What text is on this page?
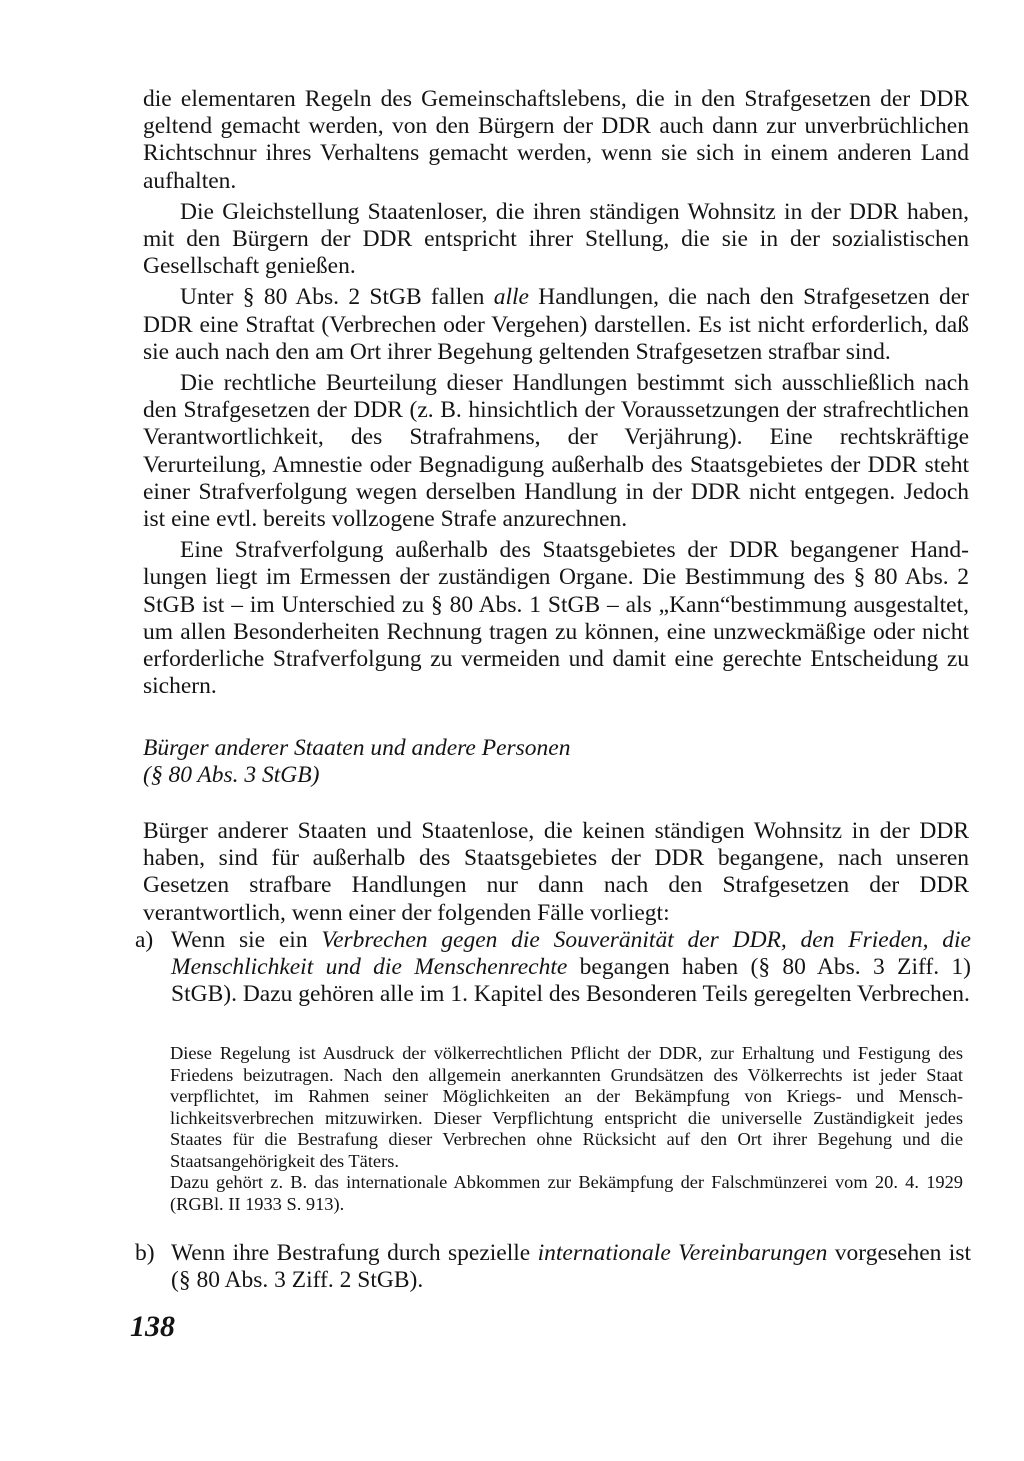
die elementaren Regeln des Gemeinschaftslebens, die in den Strafgesetzen der DDR geltend gemacht werden, von den Bürgern der DDR auch dann zur unverbrüchlichen Richtschnur ihres Verhaltens gemacht werden, wenn sie sich in einem anderen Land aufhalten.

Die Gleichstellung Staatenloser, die ihren ständigen Wohnsitz in der DDR haben, mit den Bürgern der DDR entspricht ihrer Stellung, die sie in der sozialistischen Gesellschaft genießen.

Unter § 80 Abs. 2 StGB fallen alle Handlungen, die nach den Strafgesetzen der DDR eine Straftat (Verbrechen oder Vergehen) darstellen. Es ist nicht erforderlich, daß sie auch nach den am Ort ihrer Begehung geltenden Strafgesetzen strafbar sind.

Die rechtliche Beurteilung dieser Handlungen bestimmt sich ausschließlich nach den Strafgesetzen der DDR (z. B. hinsichtlich der Voraussetzungen der strafrechtlichen Verantwortlichkeit, des Strafrahmens, der Verjährung). Eine rechtskräftige Verurteilung, Amnestie oder Begnadigung außerhalb des Staatsgebietes der DDR steht einer Strafverfolgung wegen derselben Handlung in der DDR nicht entgegen. Jedoch ist eine evtl. bereits vollzogene Strafe anzurechnen.

Eine Strafverfolgung außerhalb des Staatsgebietes der DDR begangener Handlungen liegt im Ermessen der zuständigen Organe. Die Bestimmung des § 80 Abs. 2 StGB ist – im Unterschied zu § 80 Abs. 1 StGB – als „Kann“bestimmung ausgestaltet, um allen Besonderheiten Rechnung tragen zu können, eine unzweckmäßige oder nicht erforderliche Strafverfolgung zu vermeiden und damit eine gerechte Entscheidung zu sichern.

Bürger anderer Staaten und andere Personen
(§ 80 Abs. 3 StGB)

Bürger anderer Staaten und Staatenlose, die keinen ständigen Wohnsitz in der DDR haben, sind für außerhalb des Staatsgebietes der DDR begangene, nach unseren Gesetzen strafbare Handlungen nur dann nach den Strafgesetzen der DDR verantwortlich, wenn einer der folgenden Fälle vorliegt:

a) Wenn sie ein Verbrechen gegen die Souveränität der DDR, den Frieden, die Menschlichkeit und die Menschenrechte begangen haben (§ 80 Abs. 3 Ziff. 1) StGB). Dazu gehören alle im 1. Kapitel des Besonderen Teils geregelten Verbrechen.

Diese Regelung ist Ausdruck der völkerrechtlichen Pflicht der DDR, zur Erhaltung und Festigung des Friedens beizutragen. Nach den allgemein anerkannten Grundsätzen des Völkerrechts ist jeder Staat verpflichtet, im Rahmen seiner Möglichkeiten an der Bekämpfung von Kriegs- und Menschlichkeitsverbrechen mitzuwirken. Dieser Verpflichtung entspricht die universelle Zuständigkeit jedes Staates für die Bestrafung dieser Verbrechen ohne Rücksicht auf den Ort ihrer Begehung und die Staatsangehörigkeit des Täters.

Dazu gehört z. B. das internationale Abkommen zur Bekämpfung der Falschmünzerei vom 20. 4. 1929 (RGBl. II 1933 S. 913).

b) Wenn ihre Bestrafung durch spezielle internationale Vereinbarungen vorgesehen ist (§ 80 Abs. 3 Ziff. 2 StGB).

138
